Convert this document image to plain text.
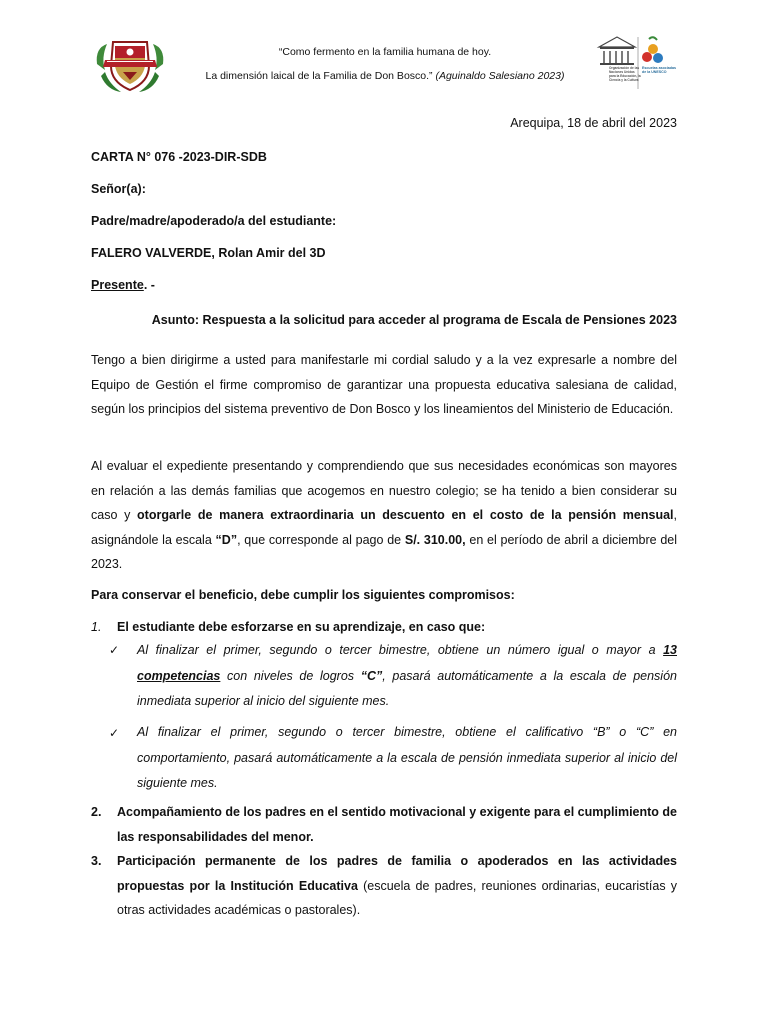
“Como fermento en la familia humana de hoy.
La dimensión laical de la Familia de Don Bosco.” (Aguinaldo Salesiano 2023)
Organización de las Naciones Unidas para la Educación, la Ciencia y la Cultura
Escuelas asociadas de la UNESCO
Arequipa, 18 de abril del 2023
CARTA N° 076 -2023-DIR-SDB
Señor(a):
Padre/madre/apoderado/a del estudiante:
FALERO VALVERDE, Rolan Amir del 3D
Presente. -
Asunto: Respuesta a la solicitud para acceder al programa de Escala de Pensiones 2023
Tengo a bien dirigirme a usted para manifestarle mi cordial saludo y a la vez expresarle a nombre del Equipo de Gestión el firme compromiso de garantizar una propuesta educativa salesiana de calidad, según los principios del sistema preventivo de Don Bosco y los lineamientos del Ministerio de Educación.
Al evaluar el expediente presentando y comprendiendo que sus necesidades económicas son mayores en relación a las demás familias que acogemos en nuestro colegio; se ha tenido a bien considerar su caso y otorgarle de manera extraordinaria un descuento en el costo de la pensión mensual, asignándole la escala “D”, que corresponde al pago de S/. 310.00, en el período de abril a diciembre del 2023.
Para conservar el beneficio, debe cumplir los siguientes compromisos:
1. El estudiante debe esforzarse en su aprendizaje, en caso que:
✓ Al finalizar el primer, segundo o tercer bimestre, obtiene un número igual o mayor a 13 competencias con niveles de logros “C”, pasará automáticamente a la escala de pensión inmediata superior al inicio del siguiente mes.
✓ Al finalizar el primer, segundo o tercer bimestre, obtiene el calificativo “B” o “C” en comportamiento, pasará automáticamente a la escala de pensión inmediata superior al inicio del siguiente mes.
2. Acompañamiento de los padres en el sentido motivacional y exigente para el cumplimiento de las responsabilidades del menor.
3. Participación permanente de los padres de familia o apoderados en las actividades propuestas por la Institución Educativa (escuela de padres, reuniones ordinarias, eucaristías y otras actividades académicas o pastorales).
